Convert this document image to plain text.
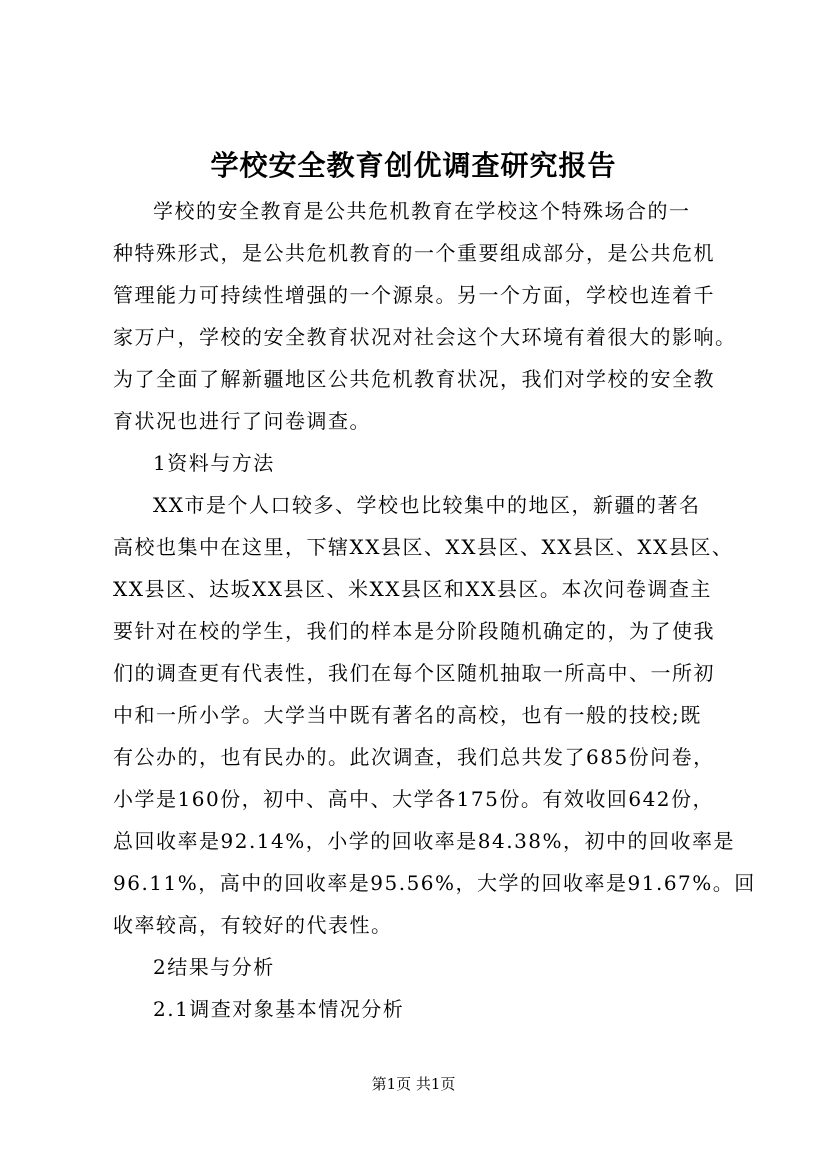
学校安全教育创优调查研究报告
学校的安全教育是公共危机教育在学校这个特殊场合的一
种特殊形式，是公共危机教育的一个重要组成部分，是公共危机
管理能力可持续性增强的一个源泉。另一个方面，学校也连着千
家万户，学校的安全教育状况对社会这个大环境有着很大的影响。
为了全面了解新疆地区公共危机教育状况，我们对学校的安全教
育状况也进行了问卷调查。
1资料与方法
XX市是个人口较多、学校也比较集中的地区，新疆的著名
高校也集中在这里，下辖XX县区、XX县区、XX县区、XX县区、
XX县区、达坂XX县区、米XX县区和XX县区。本次问卷调查主
要针对在校的学生，我们的样本是分阶段随机确定的，为了使我
们的调查更有代表性，我们在每个区随机抽取一所高中、一所初
中和一所小学。大学当中既有著名的高校，也有一般的技校;既
有公办的，也有民办的。此次调查，我们总共发了685份问卷，
小学是160份，初中、高中、大学各175份。有效收回642份，
总回收率是92.14%，小学的回收率是84.38%，初中的回收率是
96.11%，高中的回收率是95.56%，大学的回收率是91.67%。回
收率较高，有较好的代表性。
2结果与分析
2.1调查对象基本情况分析
第1页 共1页
